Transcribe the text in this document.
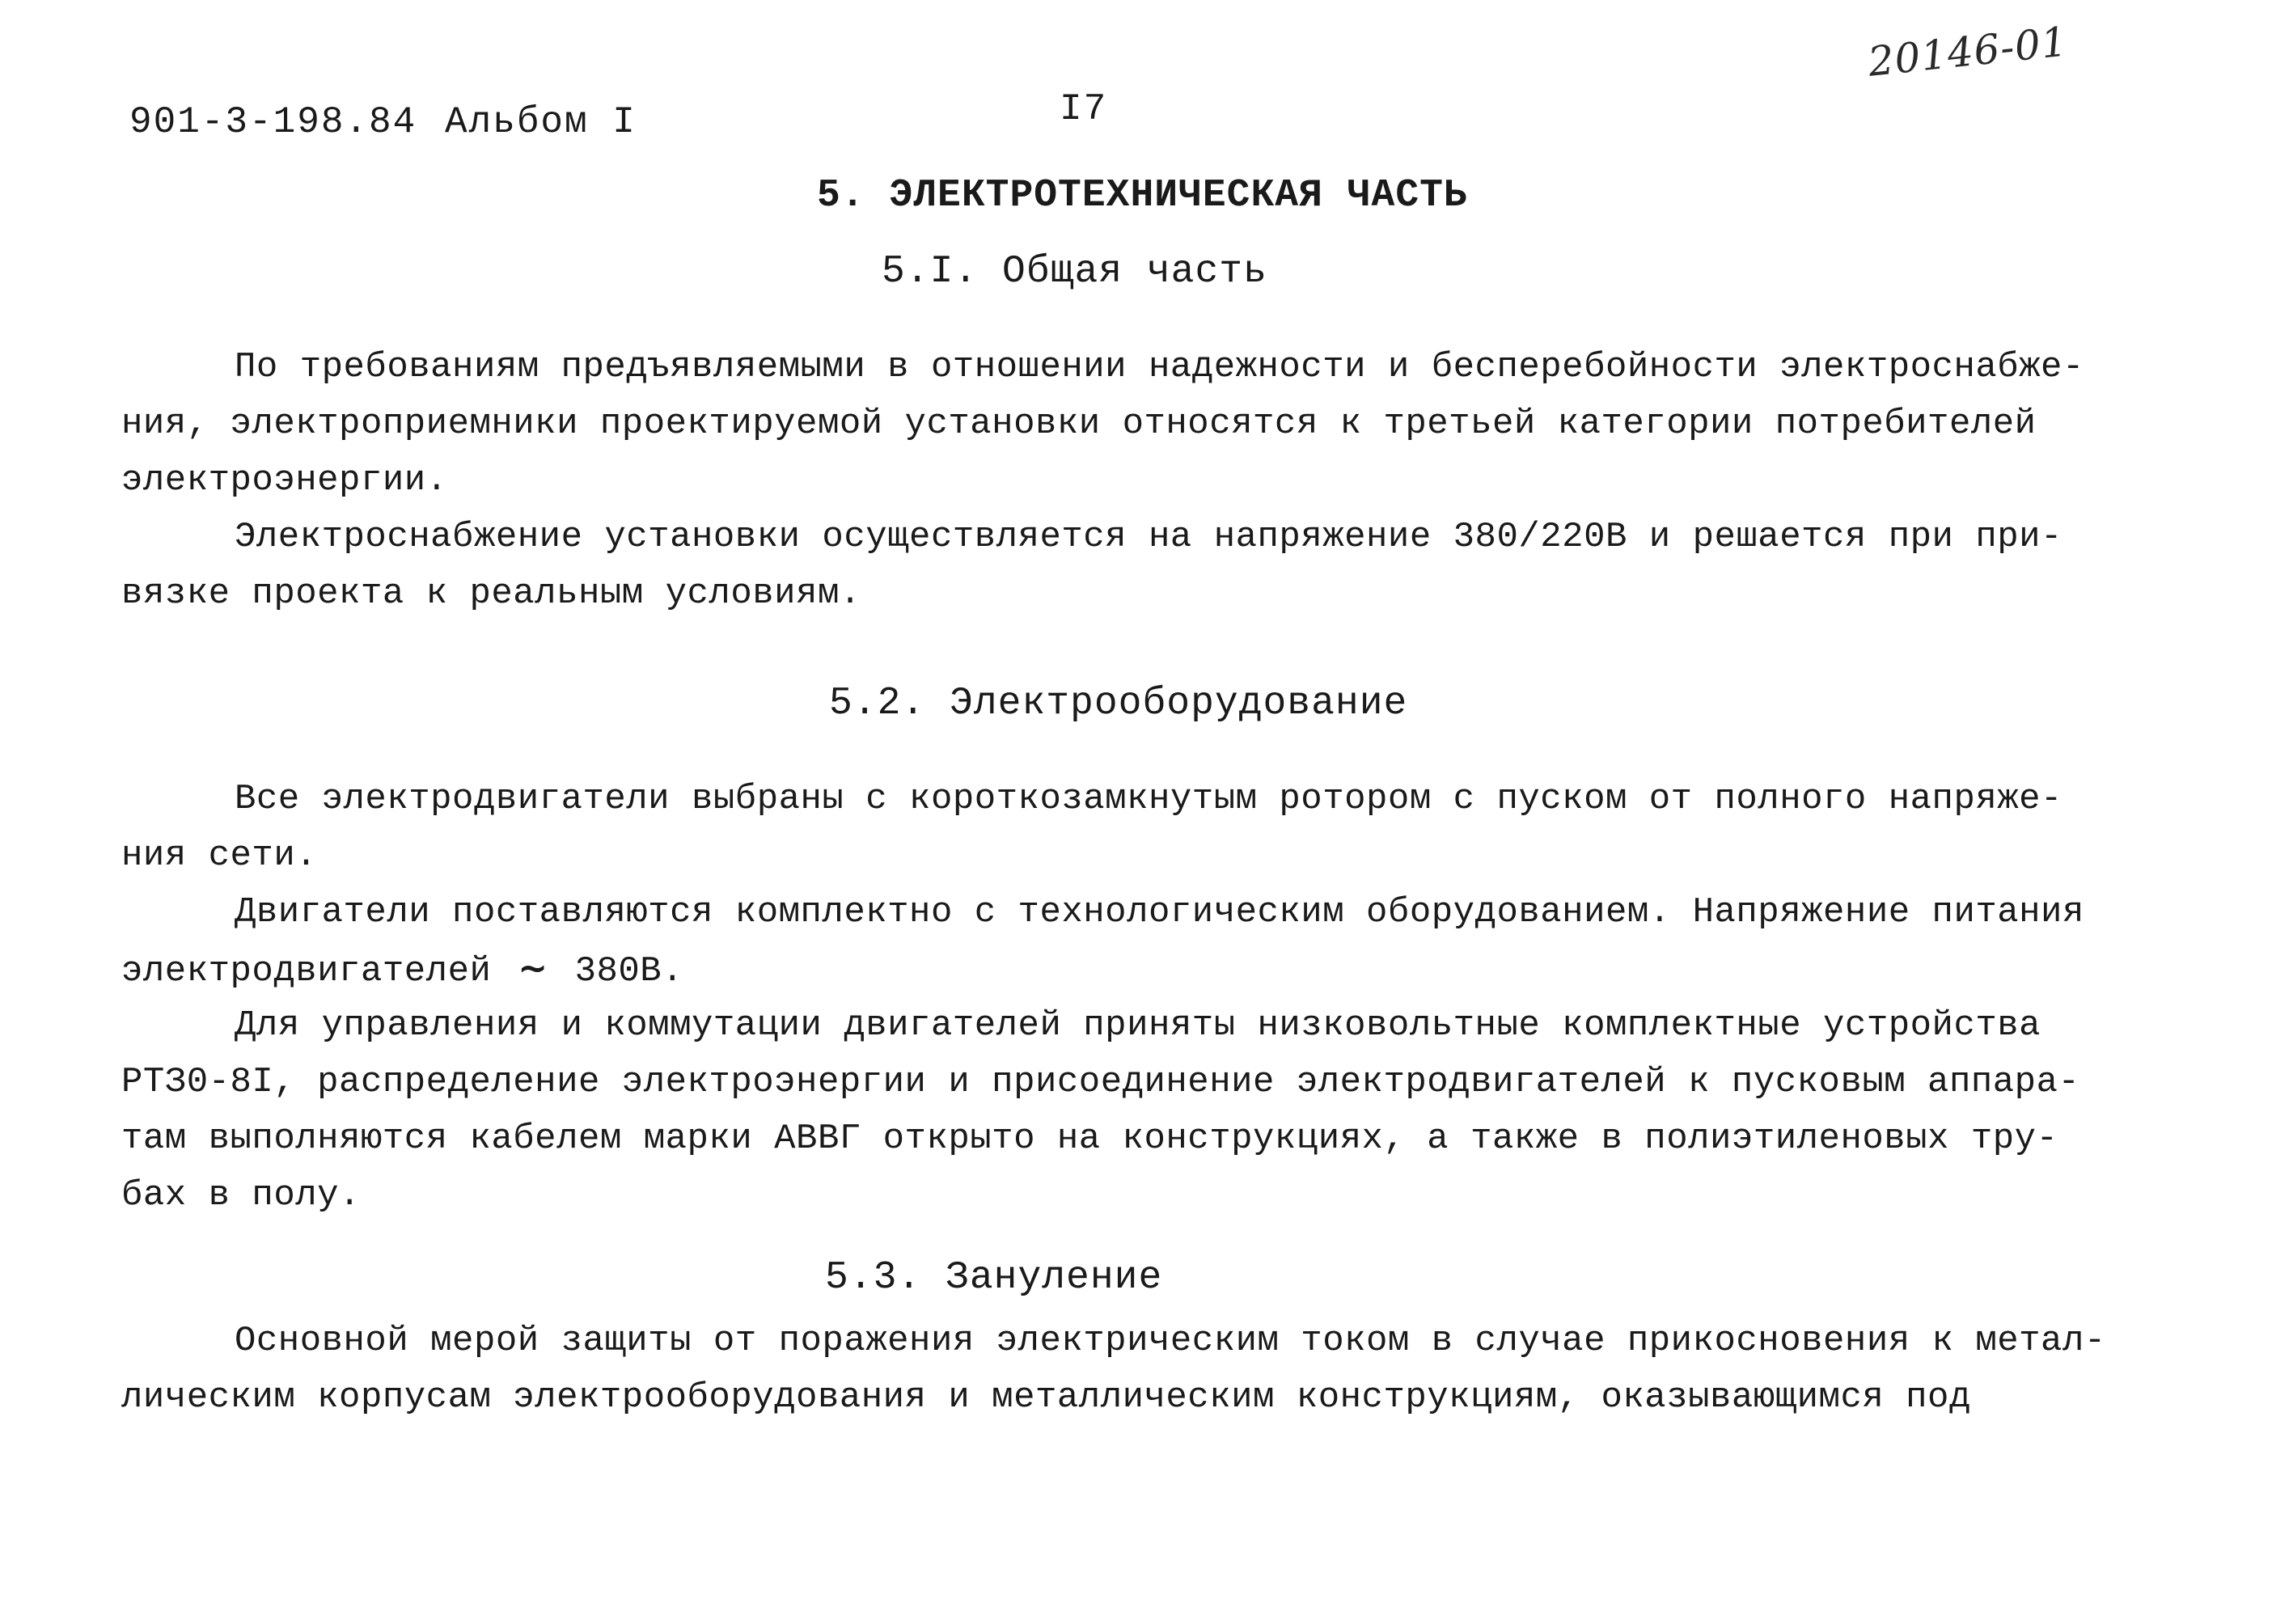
20146-01
901-3-198.84 Альбом I	I7
5. ЭЛЕКТРОТЕХНИЧЕСКАЯ ЧАСТЬ
5.I. Общая часть
По требованиям предъявляемыми в отношении надежности и бесперебойности электроснабже-
ния, электроприемники проектируемой установки относятся к третьей категории потребителей
электроэнергии.
Электроснабжение установки осуществляется на напряжение 380/220В и решается при при-
вязке проекта к реальным условиям.
5.2. Электрооборудование
Все электродвигатели выбраны с короткозамкнутым ротором с пуском от полного напряже-
ния сети.
Двигатели поставляются комплектно с технологическим оборудованием. Напряжение питания
электродвигателей ~ 380В.
Для управления и коммутации двигателей приняты низковольтные комплектные устройства
РТЗ0-8I, распределение электроэнергии и присоединение электродвигателей к пусковым аппара-
там выполняются кабелем марки АВВГ открыто на конструкциях, а также в полиэтиленовых тру-
бах в полу.
5.3. Зануление
Основной мерой защиты от поражения электрическим током в случае прикосновения к метал-
лическим корпусам электрооборудования и металлическим конструкциям, оказывающимся под
